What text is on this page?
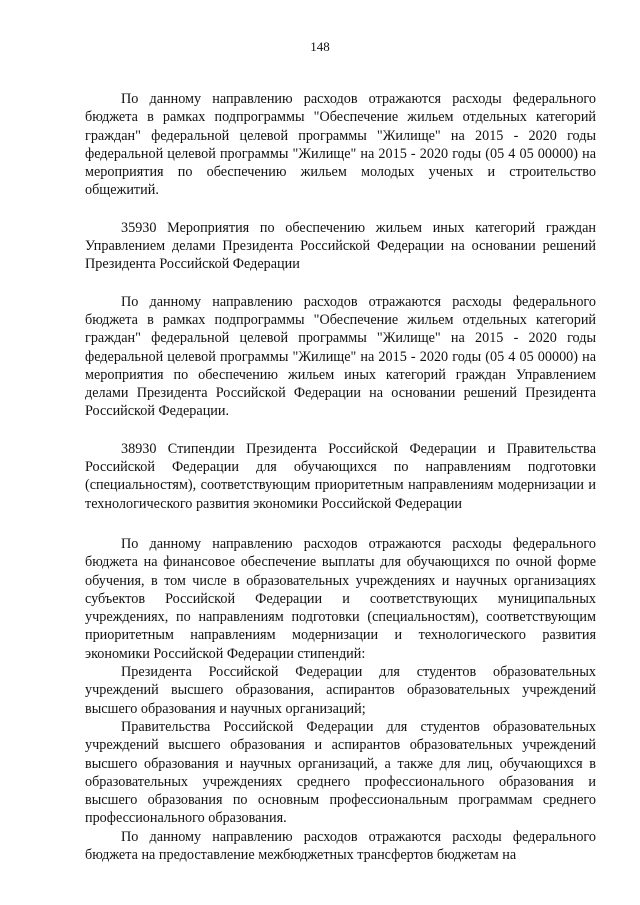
148

По данному направлению расходов отражаются расходы федерального бюджета в рамках подпрограммы "Обеспечение жильем отдельных категорий граждан" федеральной целевой программы "Жилище" на 2015 - 2020 годы федеральной целевой программы "Жилище" на 2015 - 2020 годы (05 4 05 00000) на мероприятия по обеспечению жильем молодых ученых и строительство общежитий.

35930 Мероприятия по обеспечению жильем иных категорий граждан Управлением делами Президента Российской Федерации на основании решений Президента Российской Федерации

По данному направлению расходов отражаются расходы федерального бюджета в рамках подпрограммы "Обеспечение жильем отдельных категорий граждан" федеральной целевой программы "Жилище" на 2015 - 2020 годы федеральной целевой программы "Жилище" на 2015 - 2020 годы (05 4 05 00000) на мероприятия по обеспечению жильем иных категорий граждан Управлением делами Президента Российской Федерации на основании решений Президента Российской Федерации.

38930 Стипендии Президента Российской Федерации и Правительства Российской Федерации для обучающихся по направлениям подготовки (специальностям), соответствующим приоритетным направлениям модернизации и технологического развития экономики Российской Федерации

По данному направлению расходов отражаются расходы федерального бюджета на финансовое обеспечение выплаты для обучающихся по очной форме обучения, в том числе в образовательных учреждениях и научных организациях субъектов Российской Федерации и соответствующих муниципальных учреждениях, по направлениям подготовки (специальностям), соответствующим приоритетным направлениям модернизации и технологического развития экономики Российской Федерации стипендий:

Президента Российской Федерации для студентов образовательных учреждений высшего образования, аспирантов образовательных учреждений высшего образования и научных организаций;

Правительства Российской Федерации для студентов образовательных учреждений высшего образования и аспирантов образовательных учреждений высшего образования и научных организаций, а также для лиц, обучающихся в образовательных учреждениях среднего профессионального образования и высшего образования по основным профессиональным программам среднего профессионального образования.

По данному направлению расходов отражаются расходы федерального бюджета на предоставление межбюджетных трансфертов бюджетам на
